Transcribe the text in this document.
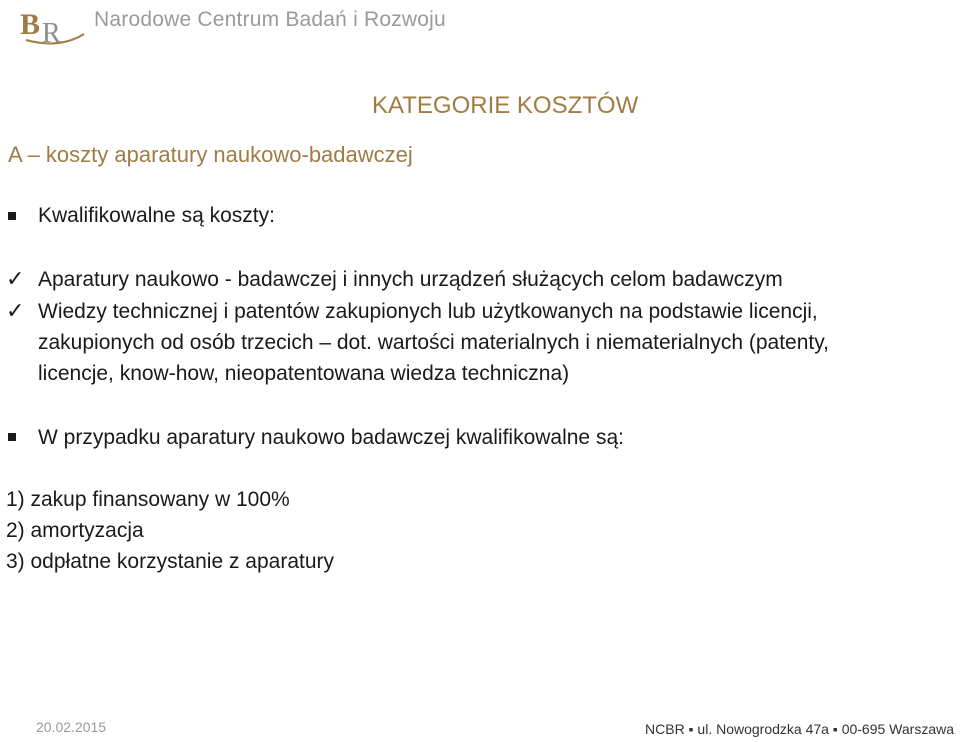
B R Narodowe Centrum Badań i Rozwoju
KATEGORIE KOSZTÓW
A – koszty aparatury naukowo-badawczej
Kwalifikowalne są koszty:
✓ Aparatury naukowo - badawczej i innych urządzeń służących celom badawczym
✓ Wiedzy technicznej i patentów zakupionych lub użytkowanych na podstawie licencji,
zakupionych od osób trzecich – dot. wartości materialnych i niematerialnych (patenty,
licencje, know-how, nieopatentowana wiedza techniczna)
W przypadku aparatury naukowo badawczej kwalifikowalne są:
1) zakup finansowany w 100%
2) amortyzacja
3) odpłatne korzystanie z aparatury
20.02.2015	NCBR ▪ ul. Nowogrodzka 47a ▪ 00-695 Warszawa
